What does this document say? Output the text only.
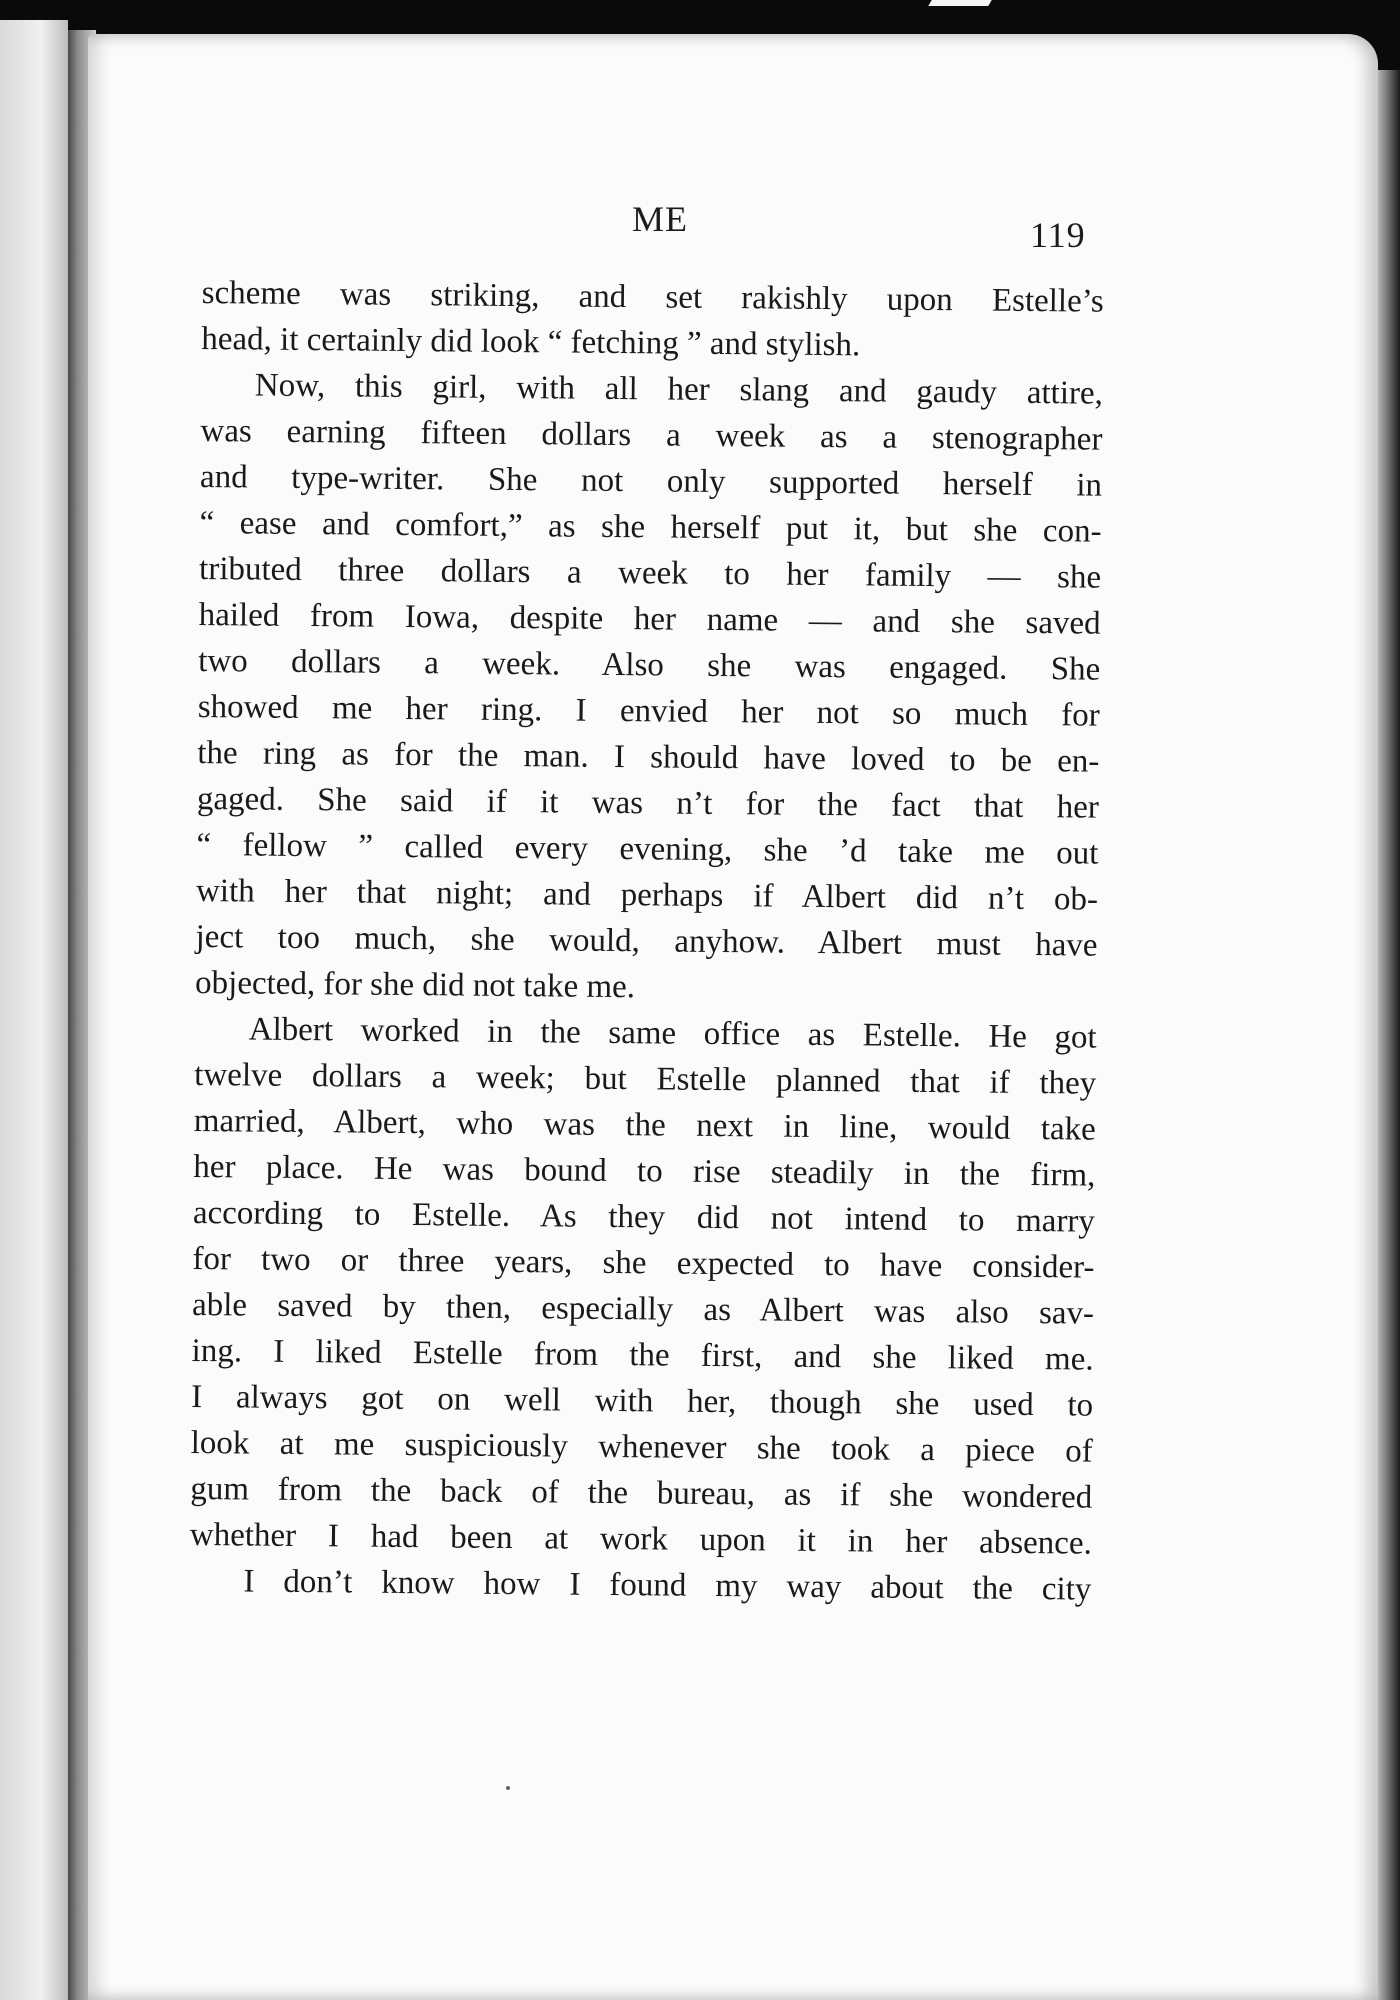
ME	119
scheme was striking, and set rakishly upon Estelle’s
head, it certainly did look “ fetching ” and stylish.
Now, this girl, with all her slang and gaudy attire,
was earning fifteen dollars a week as a stenographer
and type-writer. She not only supported herself in
“ ease and comfort,” as she herself put it, but she con-
tributed three dollars a week to her family — she
hailed from Iowa, despite her name — and she saved
two dollars a week. Also she was engaged. She
showed me her ring. I envied her not so much for
the ring as for the man. I should have loved to be en-
gaged. She said if it was n’t for the fact that her
“ fellow ” called every evening, she ’d take me out
with her that night; and perhaps if Albert did n’t ob-
ject too much, she would, anyhow. Albert must have
objected, for she did not take me.
Albert worked in the same office as Estelle. He got
twelve dollars a week; but Estelle planned that if they
married, Albert, who was the next in line, would take
her place. He was bound to rise steadily in the firm,
according to Estelle. As they did not intend to marry
for two or three years, she expected to have consider-
able saved by then, especially as Albert was also sav-
ing. I liked Estelle from the first, and she liked me.
I always got on well with her, though she used to
look at me suspiciously whenever she took a piece of
gum from the back of the bureau, as if she wondered
whether I had been at work upon it in her absence.
I don’t know how I found my way about the city
